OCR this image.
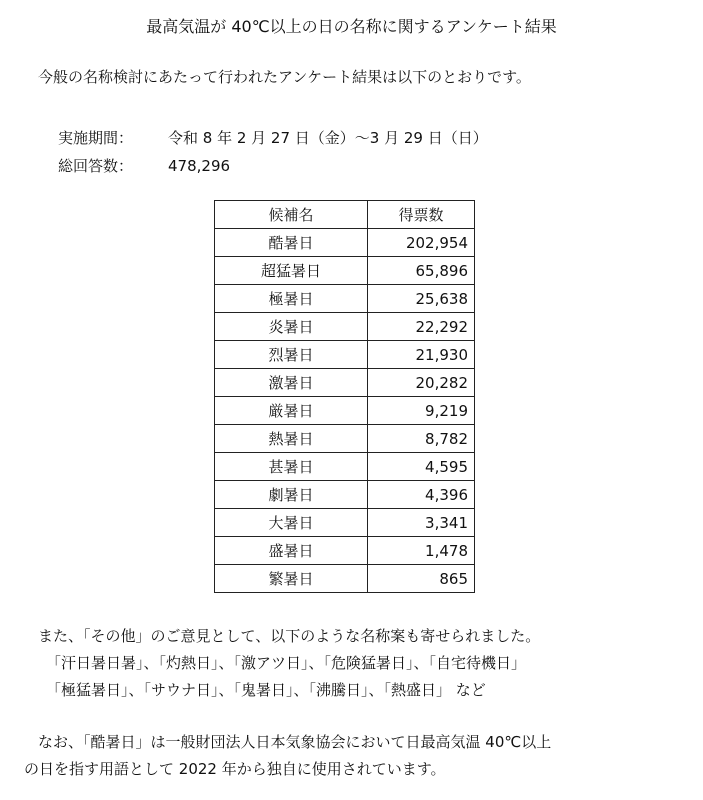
最高気温が 40℃以上の日の名称に関するアンケート結果
今般の名称検討にあたって行われたアンケート結果は以下のとおりです。
実施期間：	令和 8 年 2 月 27 日（金）～3 月 29 日（日）
総回答数：	478,296
候補名	得票数
酷暑日	202,954
超猛暑日	65,896
極暑日	25,638
炎暑日	22,292
烈暑日	21,930
激暑日	20,282
厳暑日	9,219
熱暑日	8,782
甚暑日	4,595
劇暑日	4,396
大暑日	3,341
盛暑日	1,478
繁暑日	865
また、「その他」のご意見として、以下のような名称案も寄せられました。
「汗日暑日暑」、「灼熱日」、「激アツ日」、「危険猛暑日」、「自宅待機日」
「極猛暑日」、「サウナ日」、「鬼暑日」、「沸騰日」、「熱盛日」 など
なお、「酷暑日」は一般財団法人日本気象協会において日最高気温 40℃以上
の日を指す用語として 2022 年から独自に使用されています。
